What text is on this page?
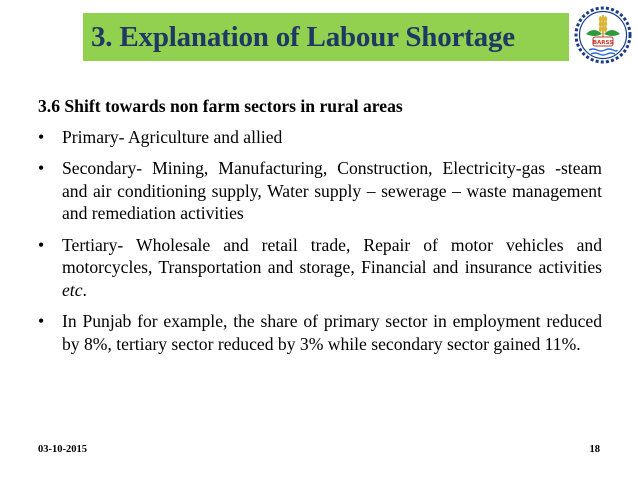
3. Explanation of Labour Shortage	BARSS
3.6 Shift towards non farm sectors in rural areas
• Primary- Agriculture and allied
• Secondary- Mining, Manufacturing, Construction, Electricity-gas -steam and air conditioning supply, Water supply – sewerage – waste management and remediation activities
• Tertiary- Wholesale and retail trade, Repair of motor vehicles and motorcycles, Transportation and storage, Financial and insurance activities etc.
• In Punjab for example, the share of primary sector in employment reduced by 8%, tertiary sector reduced by 3% while secondary sector gained 11%.
03-10-2015	18
